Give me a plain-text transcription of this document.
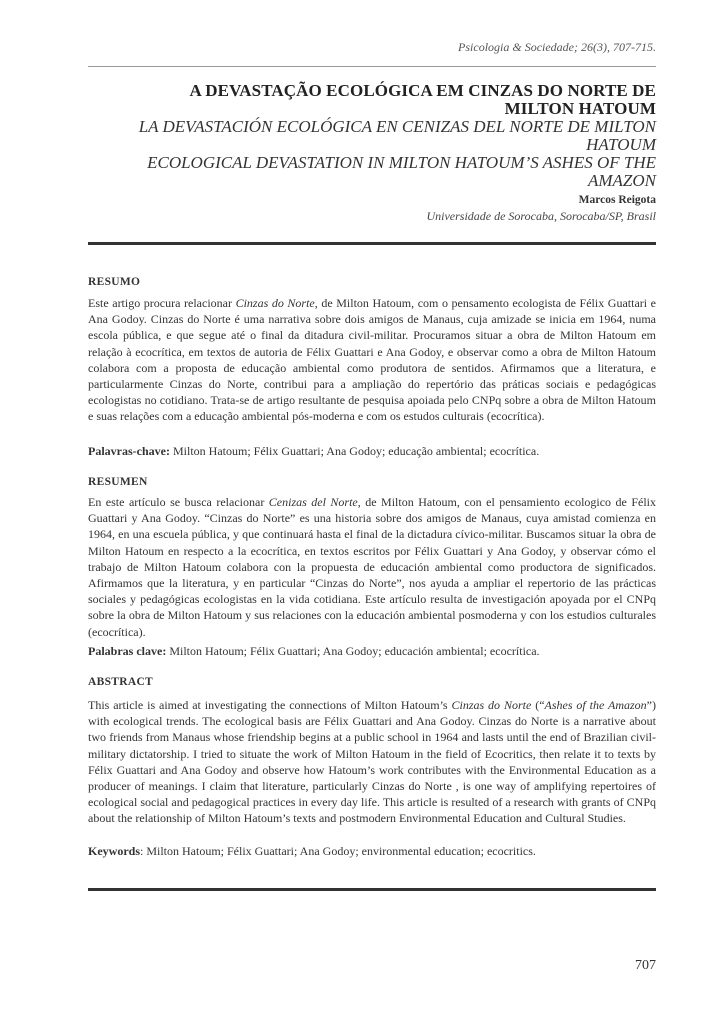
Psicologia & Sociedade; 26(3), 707-715.
A DEVASTAÇÃO ECOLÓGICA EM CINZAS DO NORTE DE
MILTON HATOUM
LA DEVASTACIÓN ECOLÓGICA EN CENIZAS DEL NORTE DE MILTON
HATOUM
ECOLOGICAL DEVASTATION IN MILTON HATOUM’S ASHES OF THE
AMAZON
Marcos Reigota
Universidade de Sorocaba, Sorocaba/SP, Brasil
RESUMO
Este artigo procura relacionar Cinzas do Norte, de Milton Hatoum, com o pensamento ecologista de Félix Guattari e Ana Godoy. Cinzas do Norte é uma narrativa sobre dois amigos de Manaus, cuja amizade se inicia em 1964, numa escola pública, e que segue até o final da ditadura civil-militar. Procuramos situar a obra de Milton Hatoum em relação à ecocrítica, em textos de autoria de Félix Guattari e Ana Godoy, e observar como a obra de Milton Hatoum colabora com a proposta de educação ambiental como produtora de sentidos. Afirmamos que a literatura, e particularmente Cinzas do Norte, contribui para a ampliação do repertório das práticas sociais e pedagógicas ecologistas no cotidiano. Trata-se de artigo resultante de pesquisa apoiada pelo CNPq sobre a obra de Milton Hatoum e suas relações com a educação ambiental pós-moderna e com os estudos culturais (ecocrítica).
Palavras-chave: Milton Hatoum; Félix Guattari; Ana Godoy; educação ambiental; ecocrítica.
RESUMEN
En este artículo se busca relacionar Cenizas del Norte, de Milton Hatoum, con el pensamiento ecologico de Félix Guattari y Ana Godoy. “Cinzas do Norte” es una historia sobre dos amigos de Manaus, cuya amistad comienza en 1964, en una escuela pública, y que continuará hasta el final de la dictadura cívico-militar. Buscamos situar la obra de Milton Hatoum en respecto a la ecocrítica, en textos escritos por Félix Guattari y Ana Godoy, y observar cómo el trabajo de Milton Hatoum colabora con la propuesta de educación ambiental como productora de significados. Afirmamos que la literatura, y en particular “Cinzas do Norte”, nos ayuda a ampliar el repertorio de las prácticas sociales y pedagógicas ecologistas en la vida cotidiana. Este artículo resulta de investigación apoyada por el CNPq sobre la obra de Milton Hatoum y sus relaciones con la educación ambiental posmoderna y con los estudios culturales (ecocrítica).
Palabras clave: Milton Hatoum; Félix Guattari; Ana Godoy; educación ambiental; ecocrítica.
ABSTRACT
This article is aimed at investigating the connections of Milton Hatoum’s Cinzas do Norte (“Ashes of the Amazon”) with ecological trends. The ecological basis are Félix Guattari and Ana Godoy. Cinzas do Norte is a narrative about two friends from Manaus whose friendship begins at a public school in 1964 and lasts until the end of Brazilian civil- military dictatorship. I tried to situate the work of Milton Hatoum in the field of Ecocritics, then relate it to texts by Félix Guattari and Ana Godoy and observe how Hatoum’s work contributes with the Environmental Education as a producer of meanings. I claim that literature, particularly Cinzas do Norte , is one way of amplifying repertoires of ecological social and pedagogical practices in every day life. This article is resulted of a research with grants of CNPq about the relationship of Milton Hatoum’s texts and postmodern Environmental Education and Cultural Studies.
Keywords: Milton Hatoum; Félix Guattari; Ana Godoy; environmental education; ecocritics.
707
